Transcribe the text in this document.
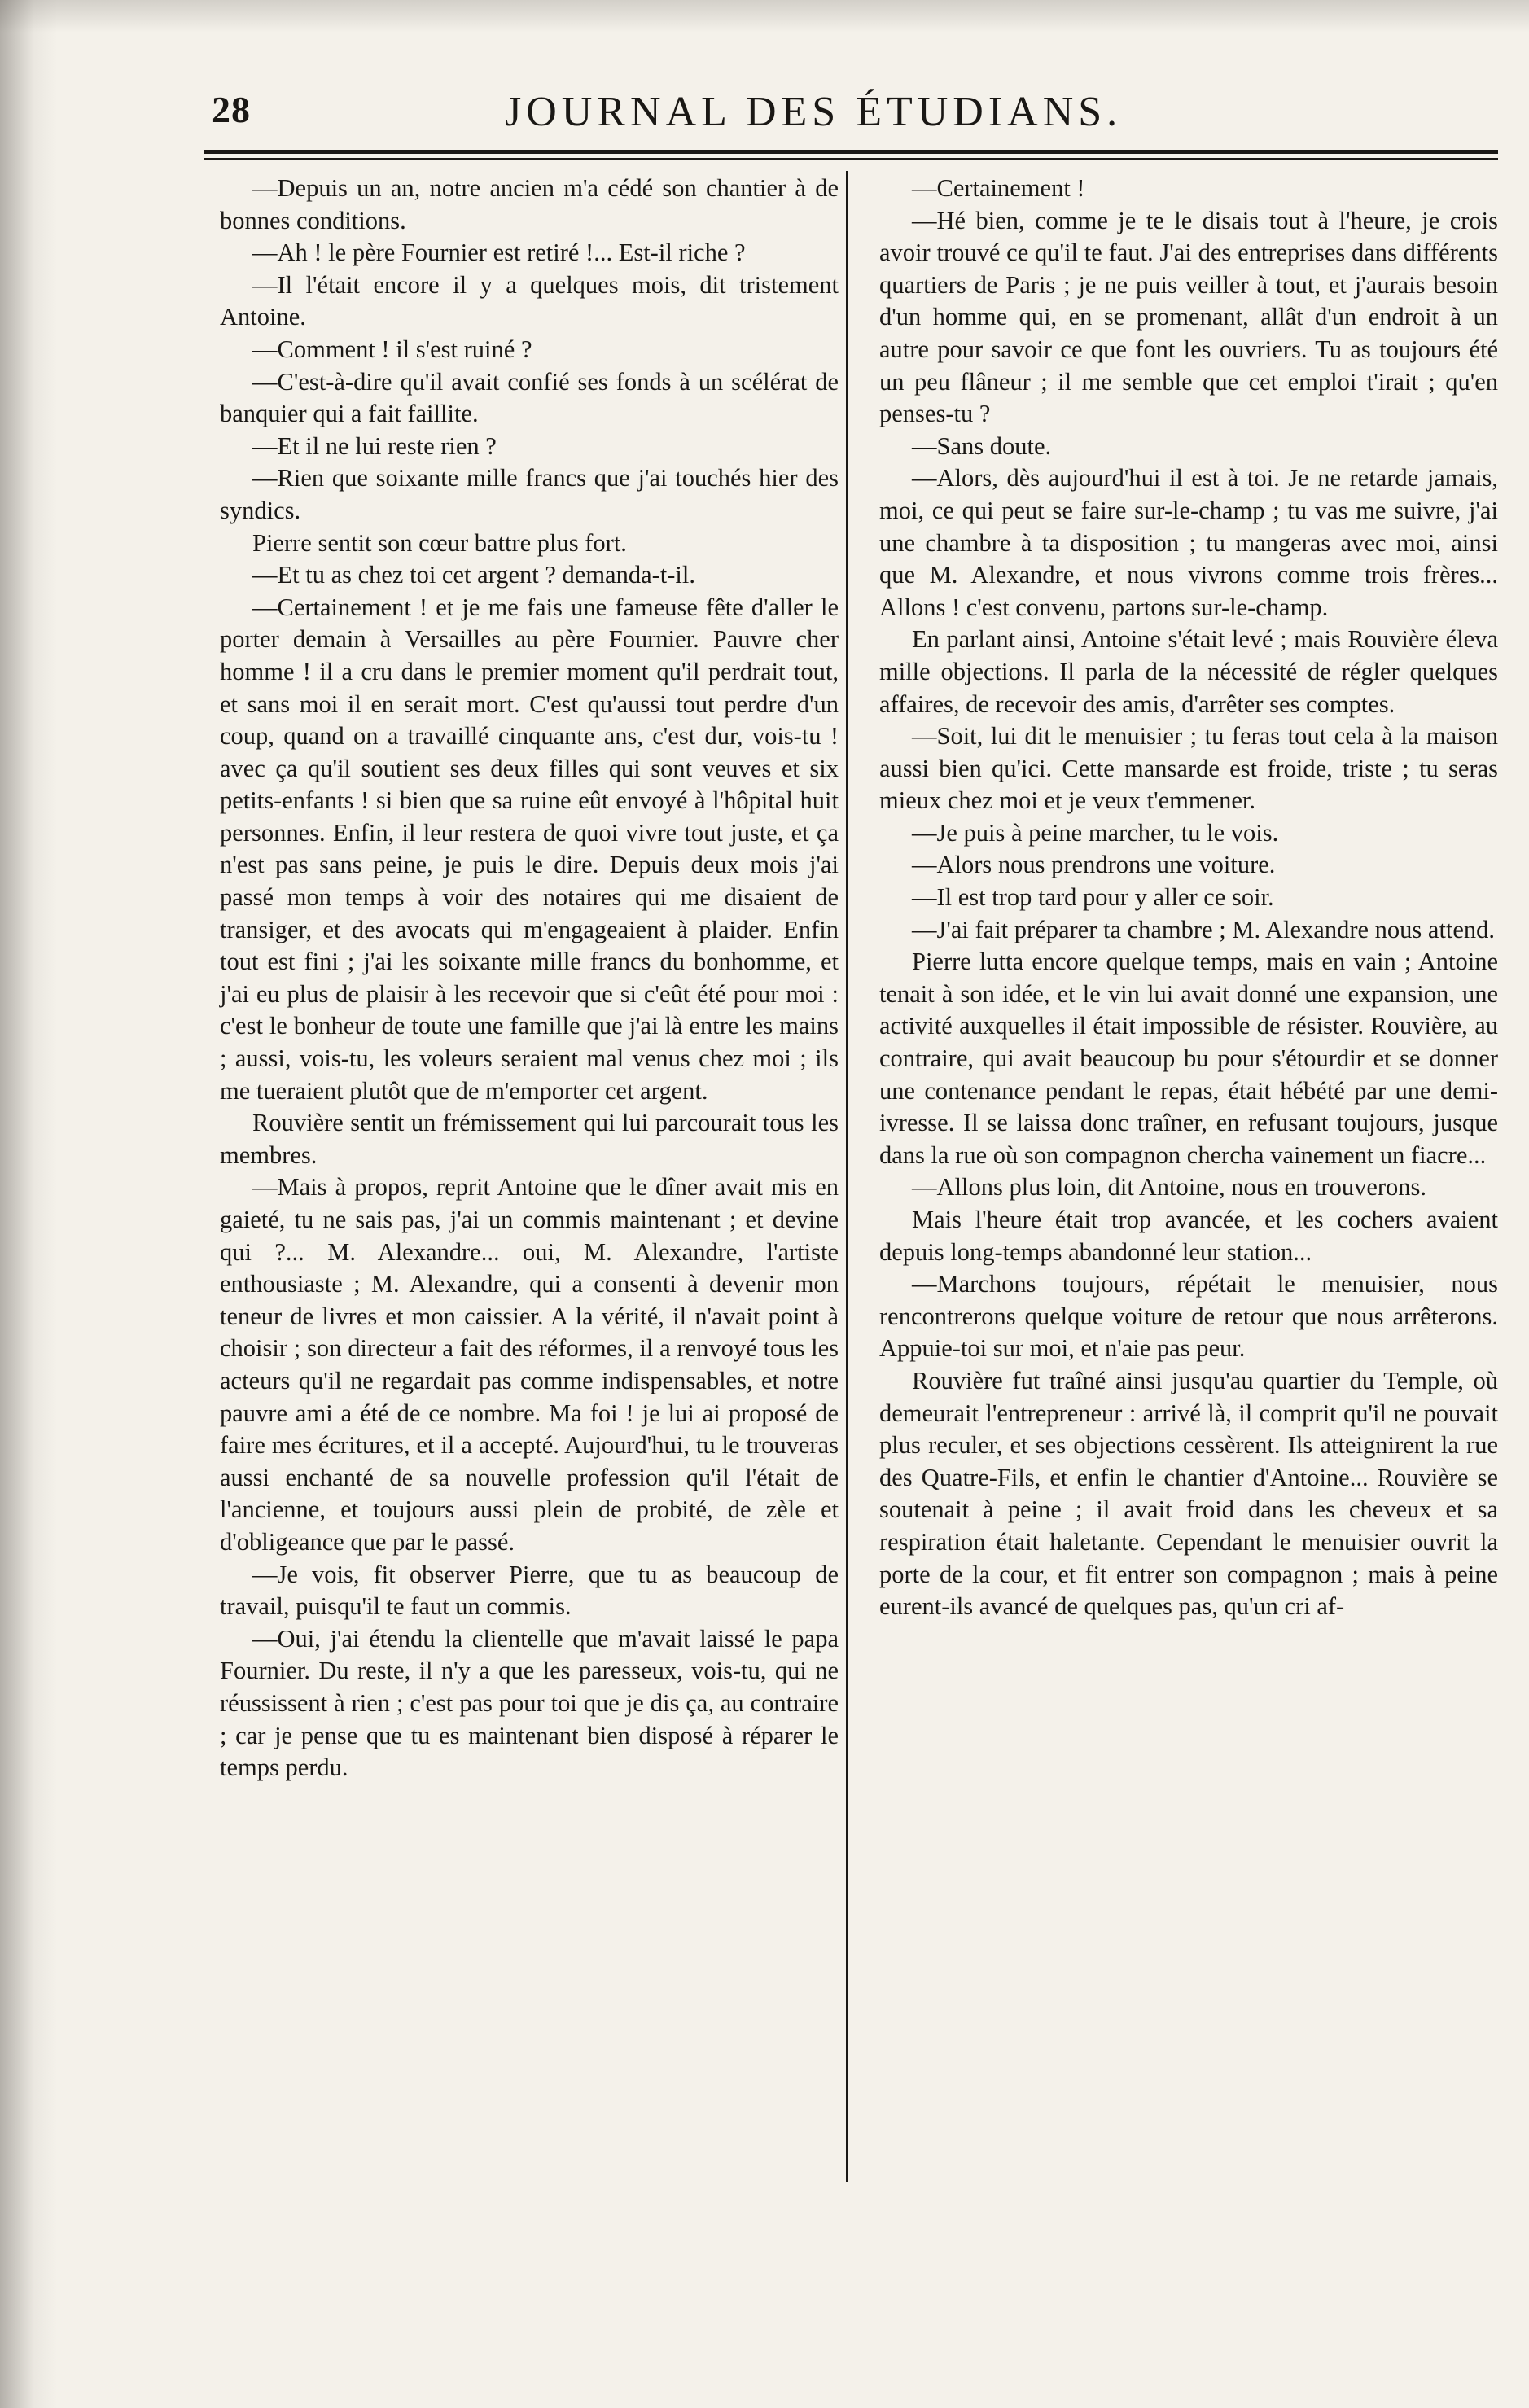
28	JOURNAL DES ÉTUDIANS.

—Depuis un an, notre ancien m'a cédé son chantier à de bonnes conditions.

—Ah ! le père Fournier est retiré !... Est-il riche ?

—Il l'était encore il y a quelques mois, dit tristement Antoine.

—Comment ! il s'est ruiné ?

—C'est-à-dire qu'il avait confié ses fonds à un scélérat de banquier qui a fait faillite.

—Et il ne lui reste rien ?

—Rien que soixante mille francs que j'ai touchés hier des syndics.

Pierre sentit son cœur battre plus fort.

—Et tu as chez toi cet argent ? demanda-t-il.

—Certainement ! et je me fais une fameuse fête d'aller le porter demain à Versailles au père Fournier. Pauvre cher homme ! il a cru dans le premier moment qu'il perdrait tout, et sans moi il en serait mort. C'est qu'aussi tout perdre d'un coup, quand on a travaillé cinquante ans, c'est dur, vois-tu ! avec ça qu'il soutient ses deux filles qui sont veuves et six petits-enfants ! si bien que sa ruine eût envoyé à l'hôpital huit personnes. Enfin, il leur restera de quoi vivre tout juste, et ça n'est pas sans peine, je puis le dire. Depuis deux mois j'ai passé mon temps à voir des notaires qui me disaient de transiger, et des avocats qui m'engageaient à plaider. Enfin tout est fini ; j'ai les soixante mille francs du bonhomme, et j'ai eu plus de plaisir à les recevoir que si c'eût été pour moi : c'est le bonheur de toute une famille que j'ai là entre les mains ; aussi, vois-tu, les voleurs seraient mal venus chez moi ; ils me tueraient plutôt que de m'emporter cet argent.

Rouvière sentit un frémissement qui lui parcourait tous les membres.

—Mais à propos, reprit Antoine que le dîner avait mis en gaieté, tu ne sais pas, j'ai un commis maintenant ; et devine qui ?... M. Alexandre... oui, M. Alexandre, l'artiste enthousiaste ; M. Alexandre, qui a consenti à devenir mon teneur de livres et mon caissier. A la vérité, il n'avait point à choisir ; son directeur a fait des réformes, il a renvoyé tous les acteurs qu'il ne regardait pas comme indispensables, et notre pauvre ami a été de ce nombre. Ma foi ! je lui ai proposé de faire mes écritures, et il a accepté. Aujourd'hui, tu le trouveras aussi enchanté de sa nouvelle profession qu'il l'était de l'ancienne, et toujours aussi plein de probité, de zèle et d'obligeance que par le passé.

—Je vois, fit observer Pierre, que tu as beaucoup de travail, puisqu'il te faut un commis.

—Oui, j'ai étendu la clientelle que m'avait laissé le papa Fournier. Du reste, il n'y a que les paresseux, vois-tu, qui ne réussissent à rien ; c'est pas pour toi que je dis ça, au contraire ; car je pense que tu es maintenant bien disposé à réparer le temps perdu.

—Certainement !

—Hé bien, comme je te le disais tout à l'heure, je crois avoir trouvé ce qu'il te faut. J'ai des entreprises dans différents quartiers de Paris ; je ne puis veiller à tout, et j'aurais besoin d'un homme qui, en se promenant, allât d'un endroit à un autre pour savoir ce que font les ouvriers. Tu as toujours été un peu flâneur ; il me semble que cet emploi t'irait ; qu'en penses-tu ?

—Sans doute.

—Alors, dès aujourd'hui il est à toi. Je ne retarde jamais, moi, ce qui peut se faire sur-le-champ ; tu vas me suivre, j'ai une chambre à ta disposition ; tu mangeras avec moi, ainsi que M. Alexandre, et nous vivrons comme trois frères... Allons ! c'est convenu, partons sur-le-champ.

En parlant ainsi, Antoine s'était levé ; mais Rouvière éleva mille objections. Il parla de la nécessité de régler quelques affaires, de recevoir des amis, d'arrêter ses comptes.

—Soit, lui dit le menuisier ; tu feras tout cela à la maison aussi bien qu'ici. Cette mansarde est froide, triste ; tu seras mieux chez moi et je veux t'emmener.

—Je puis à peine marcher, tu le vois.

—Alors nous prendrons une voiture.

—Il est trop tard pour y aller ce soir.

—J'ai fait préparer ta chambre ; M. Alexandre nous attend.

Pierre lutta encore quelque temps, mais en vain ; Antoine tenait à son idée, et le vin lui avait donné une expansion, une activité auxquelles il était impossible de résister. Rouvière, au contraire, qui avait beaucoup bu pour s'étourdir et se donner une contenance pendant le repas, était hébété par une demi-ivresse. Il se laissa donc traîner, en refusant toujours, jusque dans la rue où son compagnon chercha vainement un fiacre...

—Allons plus loin, dit Antoine, nous en trouverons.

Mais l'heure était trop avancée, et les cochers avaient depuis long-temps abandonné leur station...

—Marchons toujours, répétait le menuisier, nous rencontrerons quelque voiture de retour que nous arrêterons. Appuie-toi sur moi, et n'aie pas peur.

Rouvière fut traîné ainsi jusqu'au quartier du Temple, où demeurait l'entrepreneur : arrivé là, il comprit qu'il ne pouvait plus reculer, et ses objections cessèrent. Ils atteignirent la rue des Quatre-Fils, et enfin le chantier d'Antoine... Rouvière se soutenait à peine ; il avait froid dans les cheveux et sa respiration était haletante. Cependant le menuisier ouvrit la porte de la cour, et fit entrer son compagnon ; mais à peine eurent-ils avancé de quelques pas, qu'un cri af-
